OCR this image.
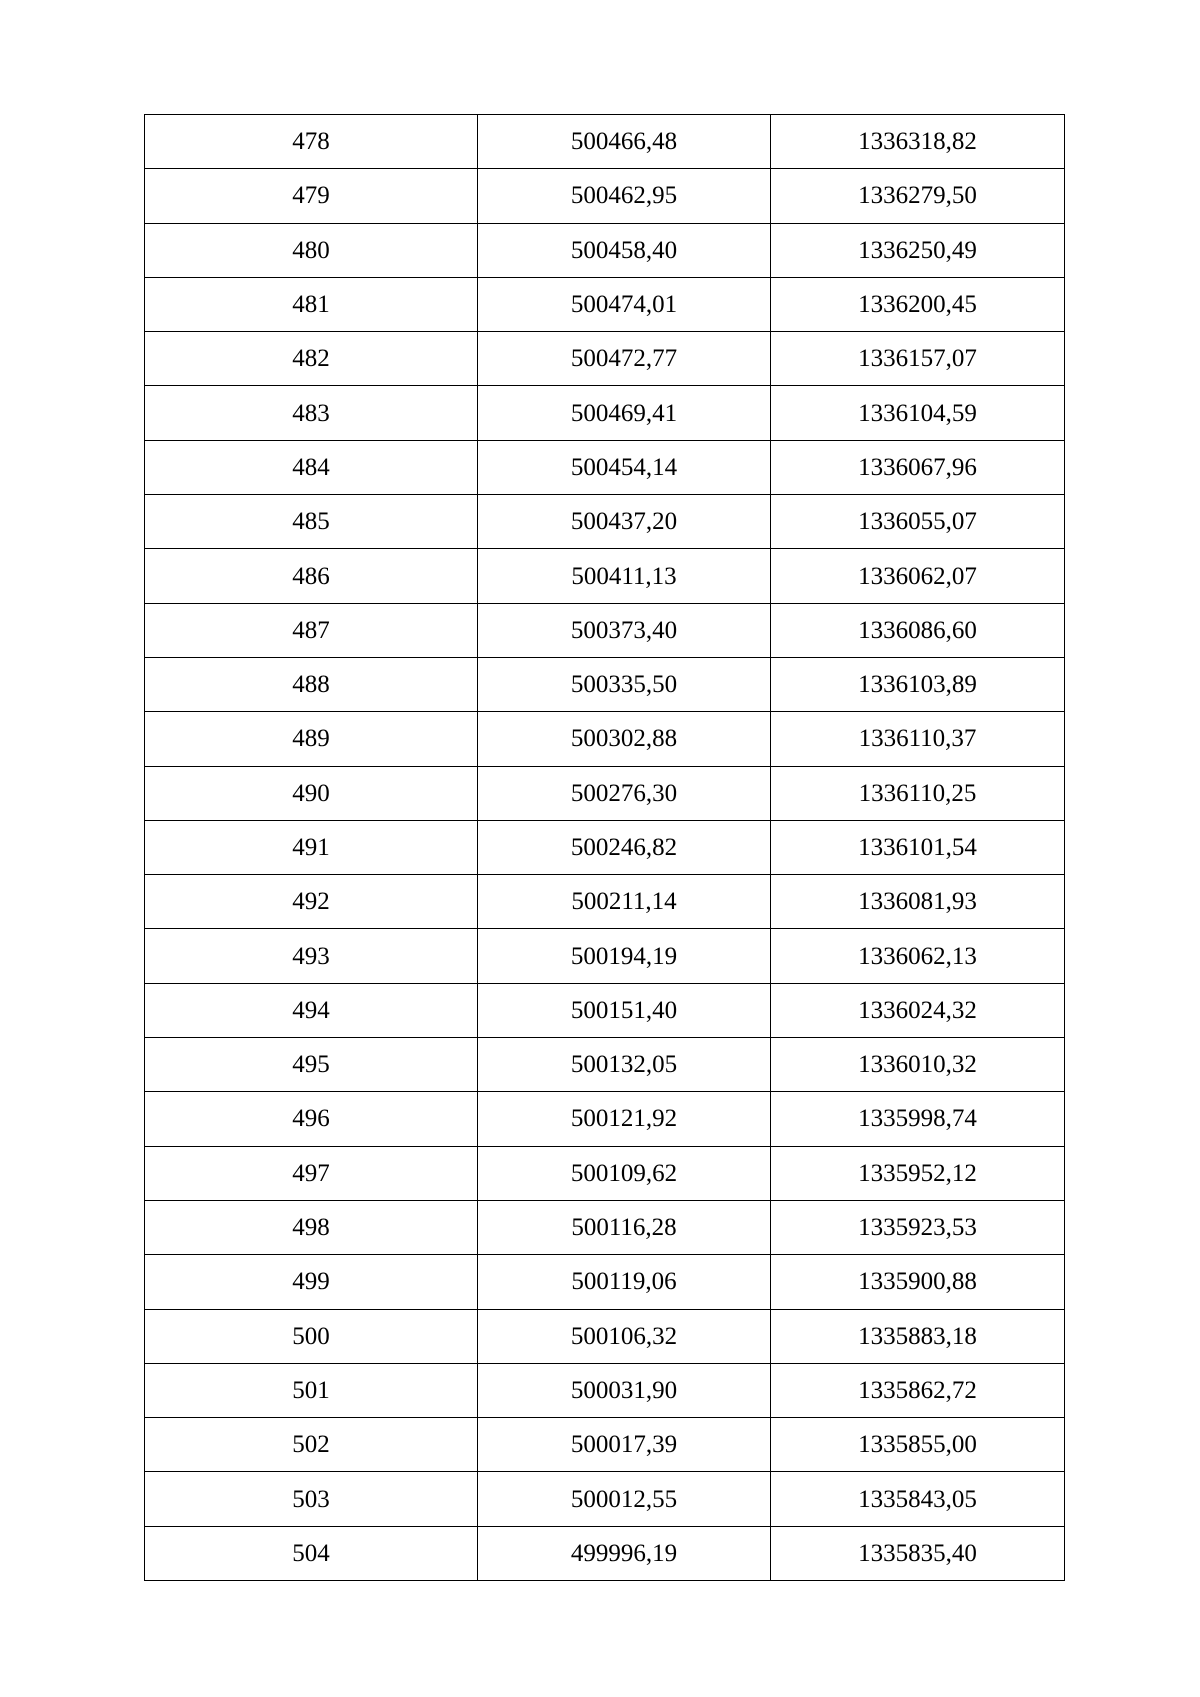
478	500466,48	1336318,82
479	500462,95	1336279,50
480	500458,40	1336250,49
481	500474,01	1336200,45
482	500472,77	1336157,07
483	500469,41	1336104,59
484	500454,14	1336067,96
485	500437,20	1336055,07
486	500411,13	1336062,07
487	500373,40	1336086,60
488	500335,50	1336103,89
489	500302,88	1336110,37
490	500276,30	1336110,25
491	500246,82	1336101,54
492	500211,14	1336081,93
493	500194,19	1336062,13
494	500151,40	1336024,32
495	500132,05	1336010,32
496	500121,92	1335998,74
497	500109,62	1335952,12
498	500116,28	1335923,53
499	500119,06	1335900,88
500	500106,32	1335883,18
501	500031,90	1335862,72
502	500017,39	1335855,00
503	500012,55	1335843,05
504	499996,19	1335835,40
